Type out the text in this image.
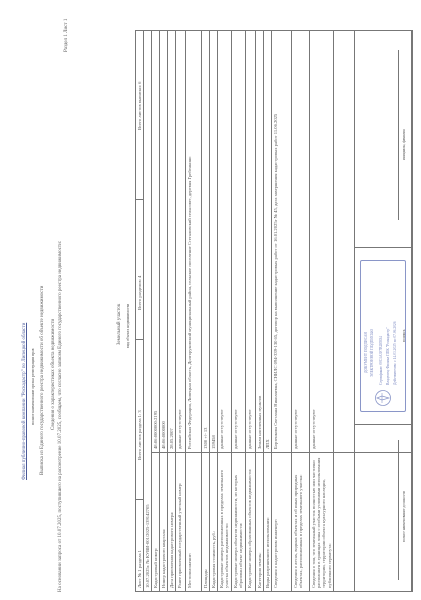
Филиал публично-правовой компании "Роскадастр" по Липецкой области полное наименование органа регистрации прав Выписка из Единого государственного реестра недвижимости об объекте недвижимости Сведения о характеристиках объекта недвижимости На основании запроса от 10.07.2025, поступившего на рассмотрение 10.07.2025, сообщаем, что согласно записям Единого государственного реестра недвижимости:
Раздел 1 Лист 1
Земельный участок вид объекта недвижимости
Лист № 1 раздела 1
Всего листов раздела 1: 3
Всего разделов: 4
Всего листов выписки: 6
10.07.2025г. № КУВИ-001/2025-139142705 Кадастровый номер:
48:06:0000000:2195
Номер кадастрового квартала:
48:06:0000000
Дата присвоения кадастрового номера:
28.05.2007
Ранее присвоенный государственный учетный номер:
данные отсутствуют
Местоположение:
Российская Федерация, Липецкая область, Долгоруковский муниципальный район, сельское поселение Стегаловский сельсовет, деревня Гребенкино
Площадь:
1300 +/- 13
Кадастровая стоимость, руб.:
159458
Кадастровые номера расположенных в пределах земельного участка объектов недвижимости:
данные отсутствуют
Кадастровые номера объектов недвижимости, из которых образован объект недвижимости:
данные отсутствуют
Кадастровые номера образованных объектов недвижимости:
данные отсутствуют
Категория земель:
Земли населенных пунктов
Виды разрешенного использования:
ЛПХ
Сведения о кадастровом инженере:
Борзенкова Светлана Николаевна, СНИЛС 094-339-130 65, договор на выполнение кадастровых работ от 16.01.2025г № 45, дата завершения кадастровых работ 11.06.2025
Сведения о лесах, водных объектах и об иных природных объектах, расположенных в пределах земельного участка:
данные отсутствуют
Сведения о том, что земельный участок полностью или частично расположен в границах зоны с особыми условиями использования территории, территории объекта культурного наследия, публичного сервитута:
данные отсутствуют
полное наименование должности
подпись
инициалы, фамилия
ДОКУМЕНТ ПОДПИСАН ЭЛЕКТРОННОЙ ПОДПИСЬЮ Сертификат: 00C1A3F7B2E9D4 Владелец: Филиал ППК "Роскадастр" Действителен: с 14.03.2025 по 07.06.2026
